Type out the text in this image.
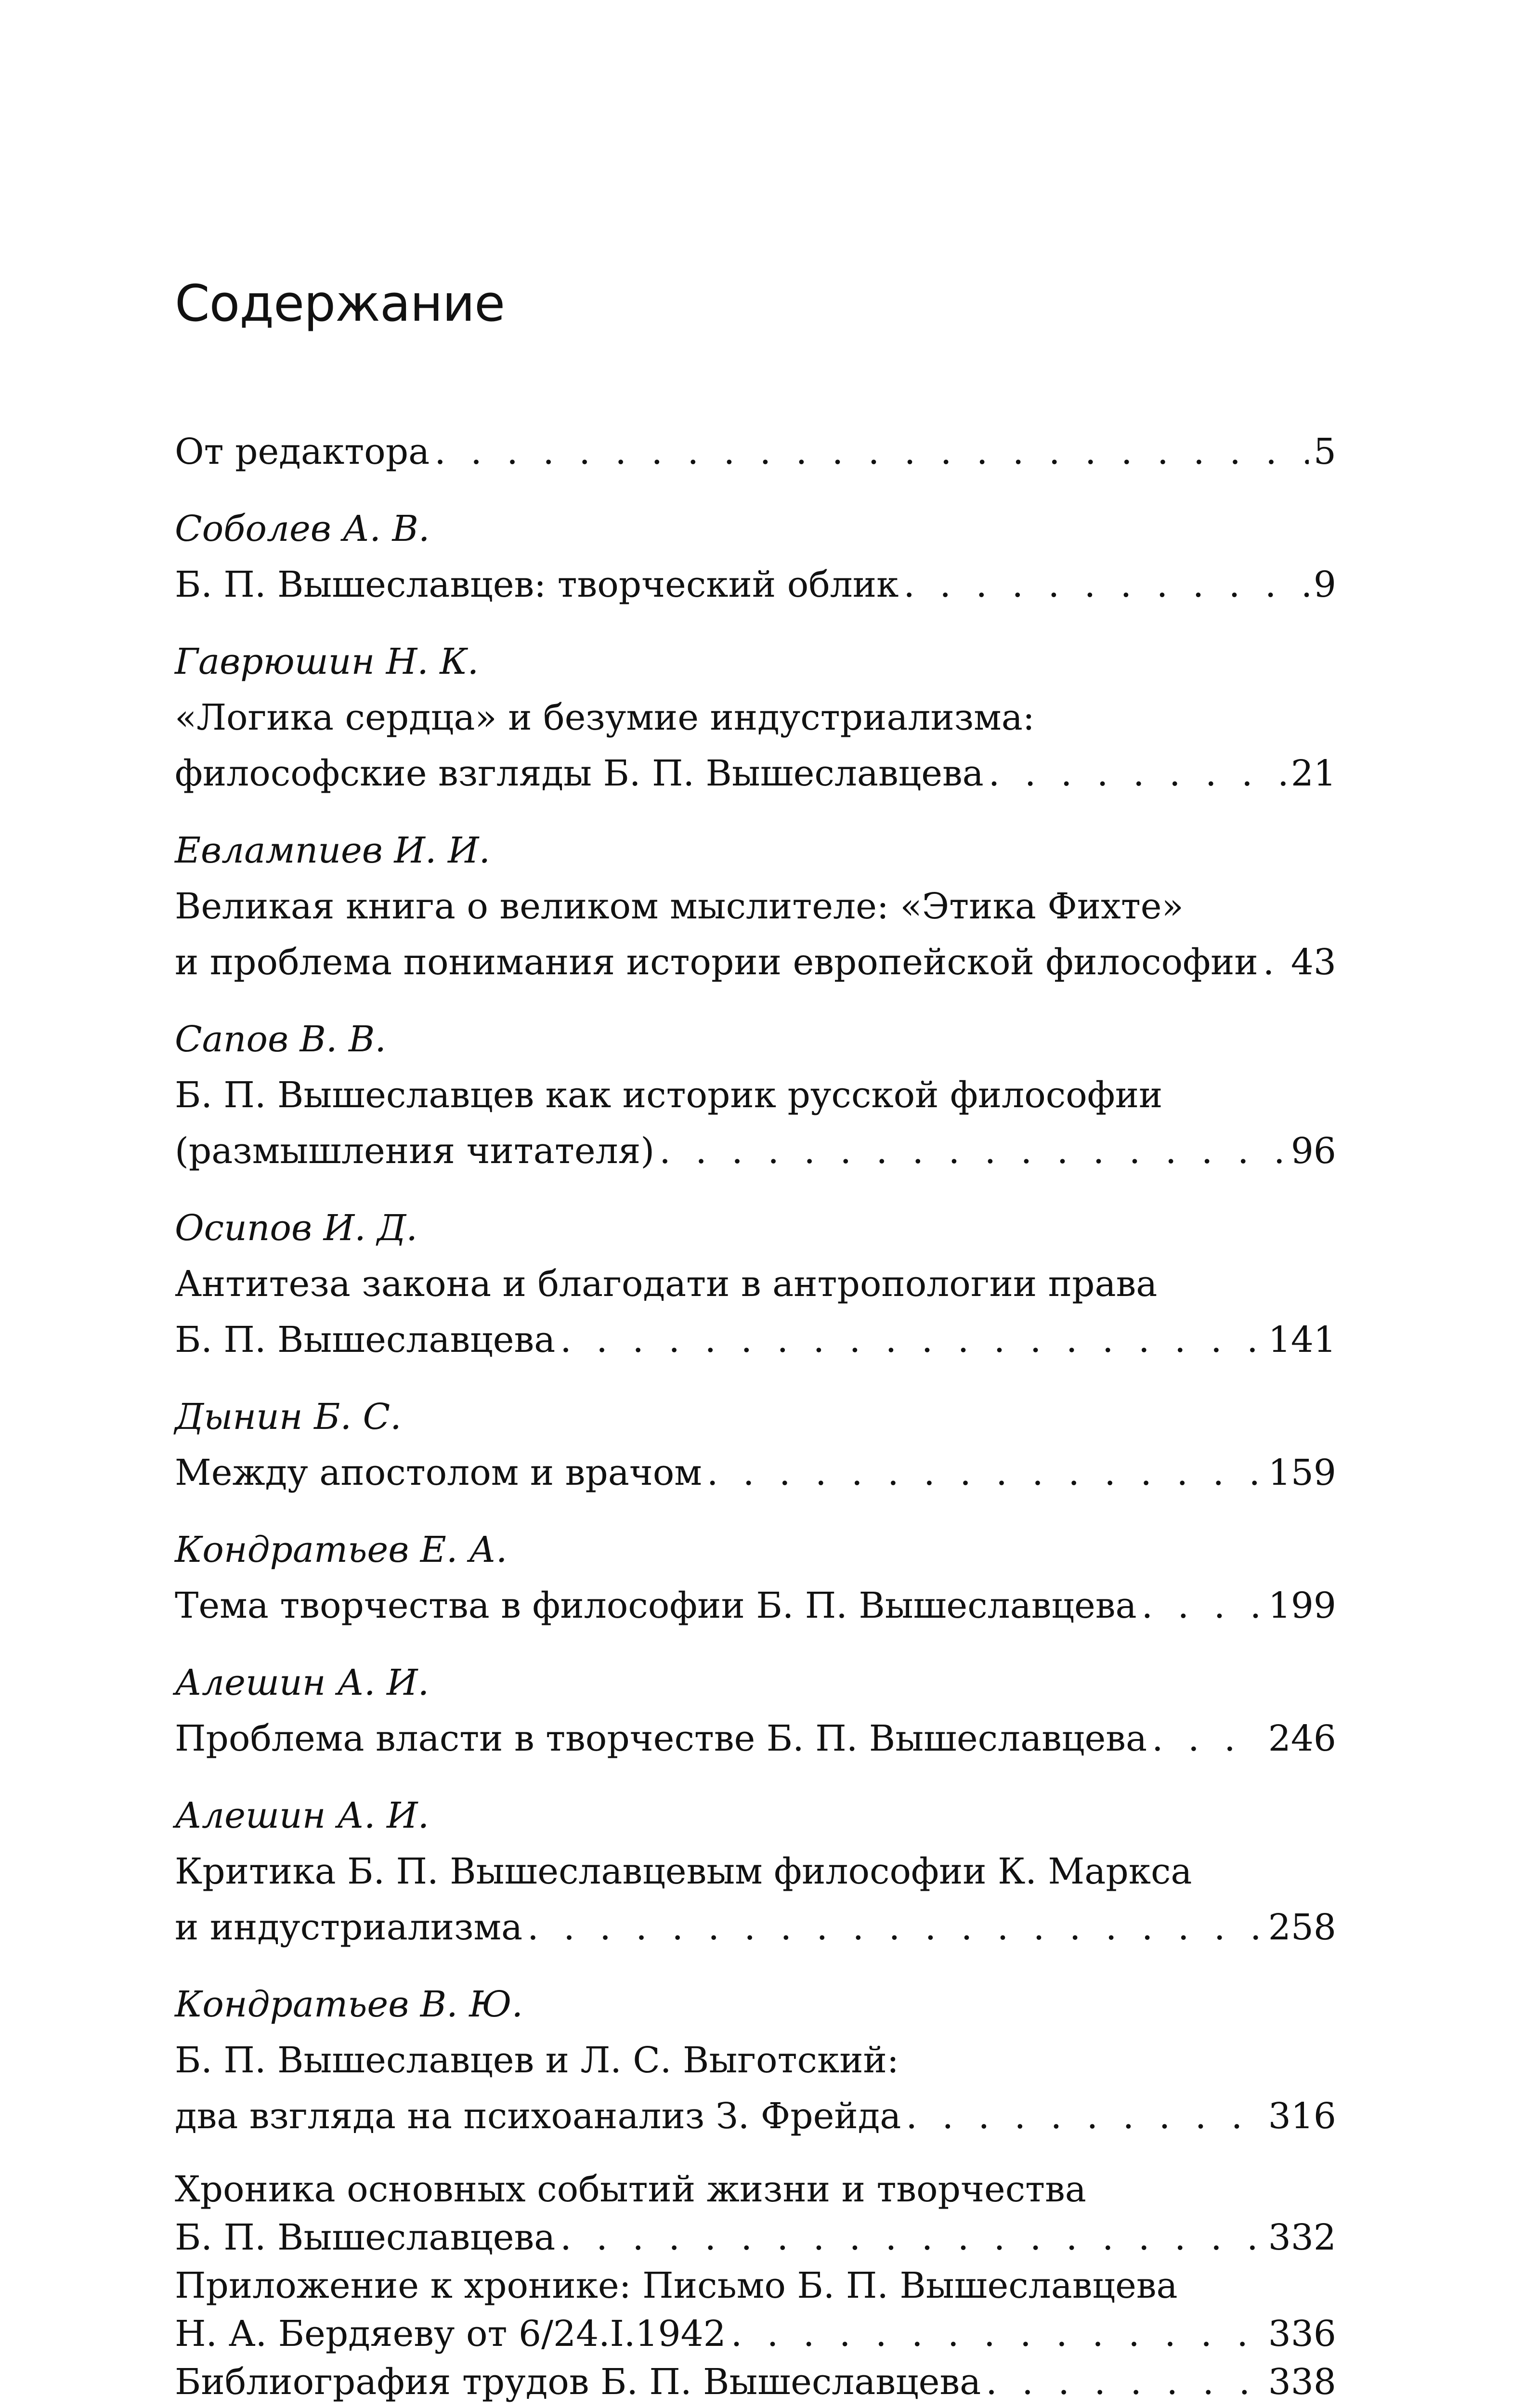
Содержание
От редактора . . .	5
Соболев А. В.
Б. П. Вышеславцев: творческий облик . . .	9
Гаврюшин Н. К.
«Логика сердца» и безумие индустриализма:
философские взгляды Б. П. Вышеславцева . . .	21
Евлампиев И. И.
Великая книга о великом мыслителе: «Этика Фихте»
и проблема понимания истории европейской философии . . . 43
Сапов В. В.
Б. П. Вышеславцев как историк русской философии
(размышления читателя) . . .	96
Осипов И. Д.
Антитеза закона и благодати в антропологии права
Б. П. Вышеславцева . . .	141
Дынин Б. С.
Между апостолом и врачом . . .	159
Кондратьев Е. А.
Тема творчества в философии Б. П. Вышеславцева . . .	199
Алешин А. И.
Проблема власти в творчестве Б. П. Вышеславцева . . .	246
Алешин А. И.
Критика Б. П. Вышеславцевым философии К. Маркса
и индустриализма . . .	258
Кондратьев В. Ю.
Б. П. Вышеславцев и Л. С. Выготский:
два взгляда на психоанализ З. Фрейда . . .	316
Хроника основных событий жизни и творчества
Б. П. Вышеславцева . . .	332
Приложение к хронике: Письмо Б. П. Вышеславцева
Н. А. Бердяеву от 6/24.I.1942 . . .	336
Библиография трудов Б. П. Вышеславцева . . .	338
. . .
